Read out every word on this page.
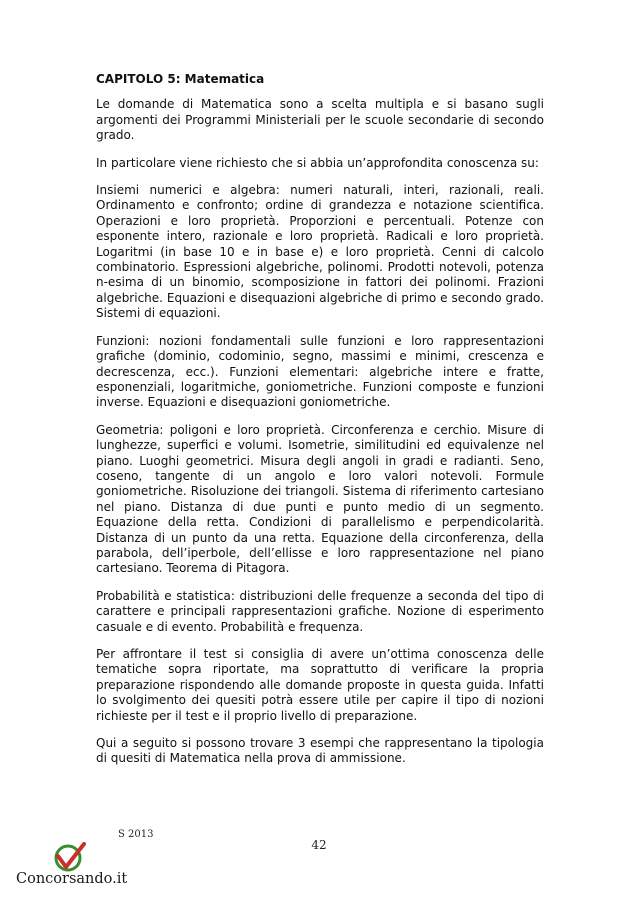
CAPITOLO 5: Matematica

Le domande di Matematica sono a scelta multipla e si basano sugli argomenti dei Programmi Ministeriali per le scuole secondarie di secondo grado.

In particolare viene richiesto che si abbia un’approfondita conoscenza su:

Insiemi numerici e algebra: numeri naturali, interi, razionali, reali. Ordinamento e confronto; ordine di grandezza e notazione scientifica. Operazioni e loro proprietà. Proporzioni e percentuali. Potenze con esponente intero, razionale e loro proprietà. Radicali e loro proprietà. Logaritmi (in base 10 e in base e) e loro proprietà. Cenni di calcolo combinatorio. Espressioni algebriche, polinomi. Prodotti notevoli, potenza n-esima di un binomio, scomposizione in fattori dei polinomi. Frazioni algebriche. Equazioni e disequazioni algebriche di primo e secondo grado. Sistemi di equazioni.

Funzioni: nozioni fondamentali sulle funzioni e loro rappresentazioni grafiche (dominio, codominio, segno, massimi e minimi, crescenza e decrescenza, ecc.). Funzioni elementari: algebriche intere e fratte, esponenziali, logaritmiche, goniometriche. Funzioni composte e funzioni inverse. Equazioni e disequazioni goniometriche.

Geometria: poligoni e loro proprietà. Circonferenza e cerchio. Misure di lunghezze, superfici e volumi. Isometrie, similitudini ed equivalenze nel piano. Luoghi geometrici. Misura degli angoli in gradi e radianti. Seno, coseno, tangente di un angolo e loro valori notevoli. Formule goniometriche. Risoluzione dei triangoli. Sistema di riferimento cartesiano nel piano. Distanza di due punti e punto medio di un segmento. Equazione della retta. Condizioni di parallelismo e perpendicolarità. Distanza di un punto da una retta. Equazione della circonferenza, della parabola, dell’iperbole, dell’ellisse e loro rappresentazione nel piano cartesiano. Teorema di Pitagora.

Probabilità e statistica: distribuzioni delle frequenze a seconda del tipo di carattere e principali rappresentazioni grafiche. Nozione di esperimento casuale e di evento. Probabilità e frequenza.

Per affrontare il test si consiglia di avere un’ottima conoscenza delle tematiche sopra riportate, ma soprattutto di verificare la propria preparazione rispondendo alle domande proposte in questa guida. Infatti lo svolgimento dei quesiti potrà essere utile per capire il tipo di nozioni richieste per il test e il proprio livello di preparazione.

Qui a seguito si possono trovare 3 esempi che rappresentano la tipologia di quesiti di Matematica nella prova di ammissione.

S 2013
42
Concorsando.it
